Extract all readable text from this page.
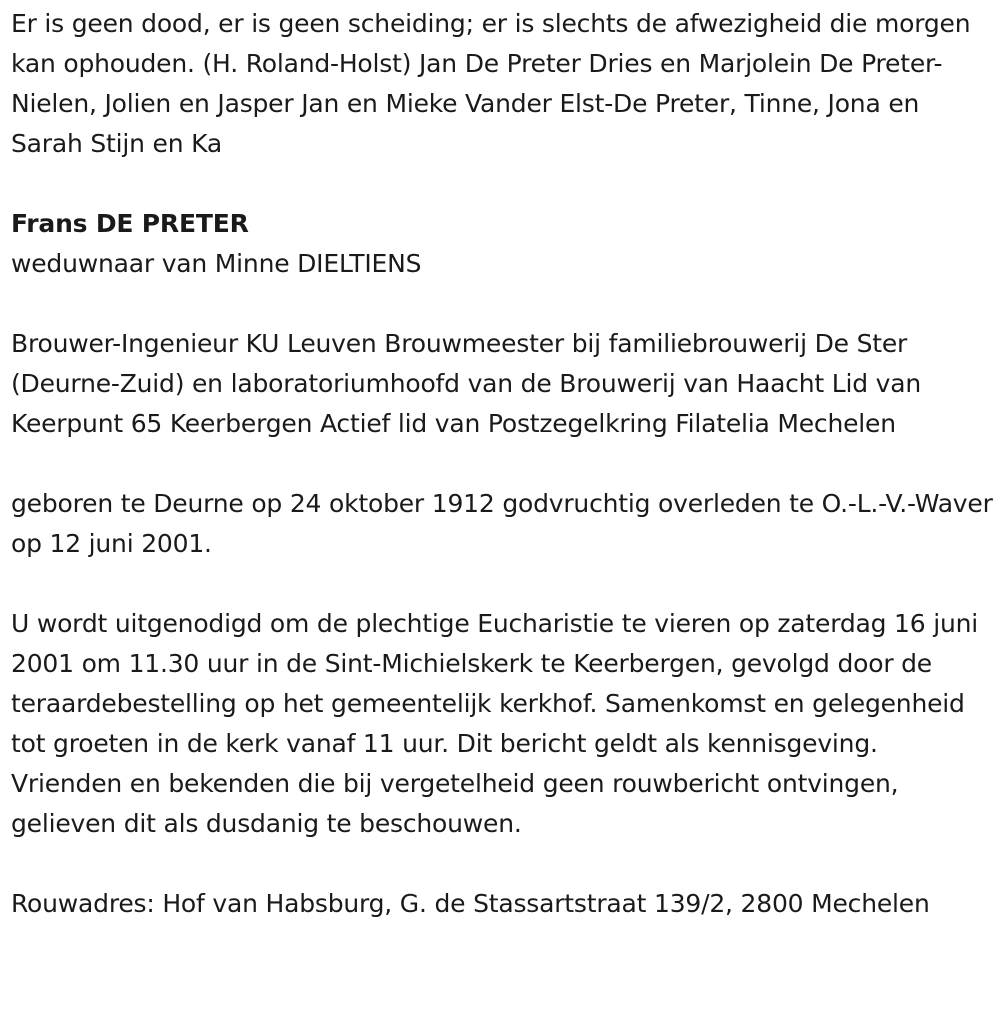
Er is geen dood, er is geen scheiding; er is slechts de afwezigheid die morgen kan ophouden. (H. Roland-Holst) Jan De Preter Dries en Marjolein De Preter-Nielen, Jolien en Jasper Jan en Mieke Vander Elst-De Preter, Tinne, Jona en Sarah Stijn en Ka

Frans DE PRETER

weduwnaar van Minne DIELTIENS

Brouwer-Ingenieur KU Leuven Brouwmeester bij familiebrouwerij De Ster (Deurne-Zuid) en laboratoriumhoofd van de Brouwerij van Haacht Lid van Keerpunt 65 Keerbergen Actief lid van Postzegelkring Filatelia Mechelen

geboren te Deurne op 24 oktober 1912 godvruchtig overleden te O.-L.-V.-Waver op 12 juni 2001.

U wordt uitgenodigd om de plechtige Eucharistie te vieren op zaterdag 16 juni 2001 om 11.30 uur in de Sint-Michielskerk te Keerbergen, gevolgd door de teraardebestelling op het gemeentelijk kerkhof. Samenkomst en gelegenheid tot groeten in de kerk vanaf 11 uur. Dit bericht geldt als kennisgeving. Vrienden en bekenden die bij vergetelheid geen rouwbericht ontvingen, gelieven dit als dusdanig te beschouwen.

Rouwadres: Hof van Habsburg, G. de Stassartstraat 139/2, 2800 Mechelen
